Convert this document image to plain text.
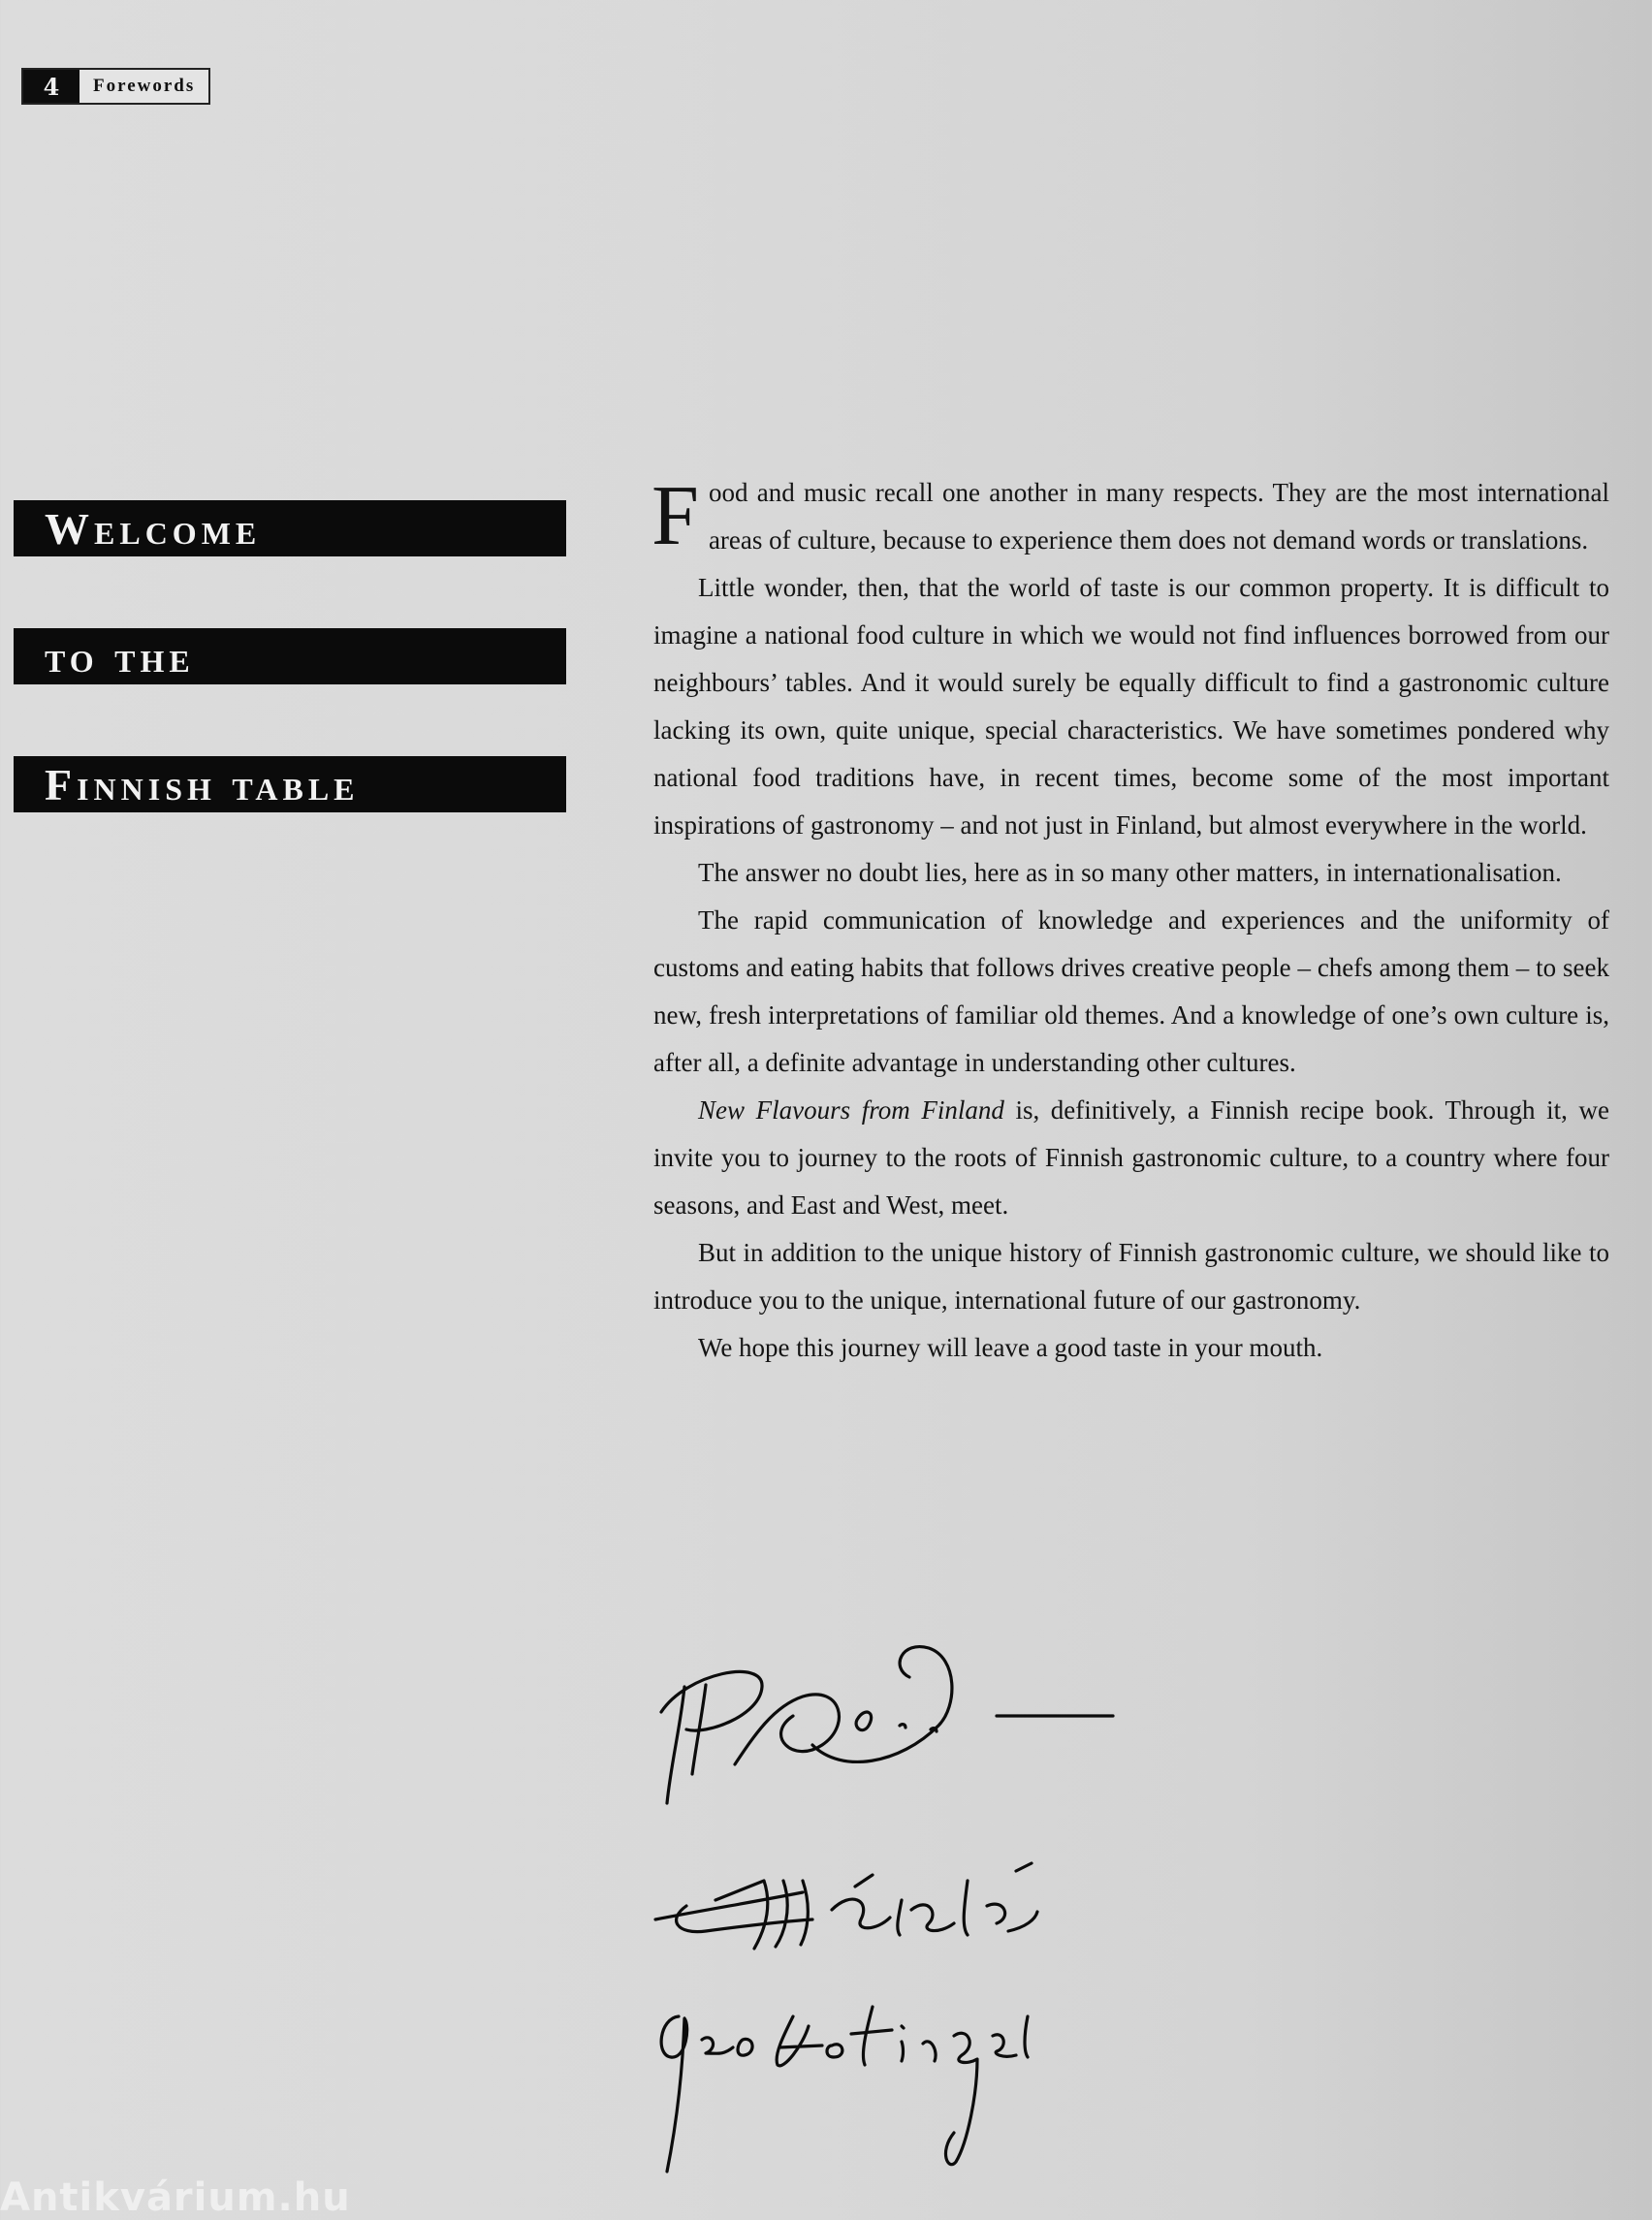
4	Forewords
Welcome
to the
Finnish table

Food and music recall one another in many respects. They are the most international areas of culture, because to experience them does not demand words or translations.

Little wonder, then, that the world of taste is our common property. It is difficult to imagine a national food culture in which we would not find influences borrowed from our neighbours’ tables. And it would surely be equally difficult to find a gastronomic culture lacking its own, quite unique, special characteristics. We have sometimes pondered why national food traditions have, in recent times, become some of the most important inspirations of gastronomy – and not just in Finland, but almost everywhere in the world.

The answer no doubt lies, here as in so many other matters, in internationalisation.

The rapid communication of knowledge and experiences and the uniformity of customs and eating habits that follows drives creative people – chefs among them – to seek new, fresh interpretations of familiar old themes. And a knowledge of one’s own culture is, after all, a definite advantage in understanding other cultures.

New Flavours from Finland is, definitively, a Finnish recipe book. Through it, we invite you to journey to the roots of Finnish gastronomic culture, to a country where four seasons, and East and West, meet.

But in addition to the unique history of Finnish gastronomic culture, we should like to introduce you to the unique, international future of our gastronomy.

We hope this journey will leave a good taste in your mouth.

Antikvárium.hu
